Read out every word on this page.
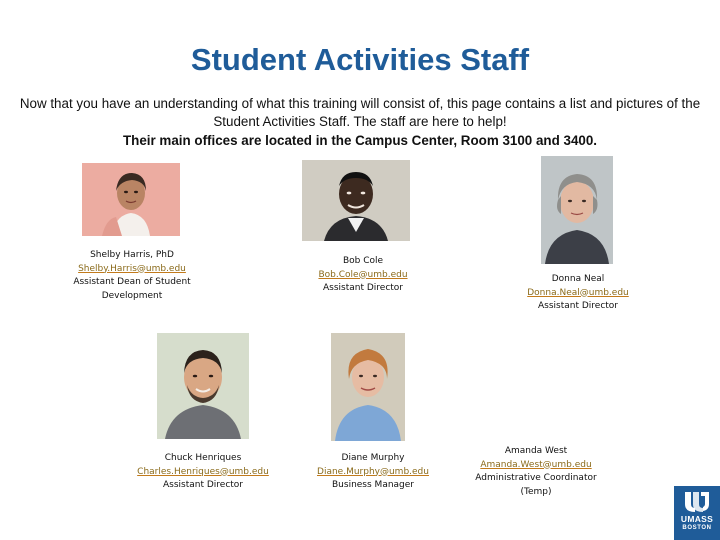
Student Activities Staff
Now that you have an understanding of what this training will consist of, this page contains a list and pictures of the Student Activities Staff. The staff are here to help!
Their main offices are located in the Campus Center, Room 3100 and 3400.
Shelby Harris, PhD
Shelby.Harris@umb.edu
Assistant Dean of Student Development
Bob Cole
Bob.Cole@umb.edu
Assistant Director
Donna Neal
Donna.Neal@umb.edu
Assistant Director
Chuck Henriques
Charles.Henriques@umb.edu
Assistant Director
Diane Murphy
Diane.Murphy@umb.edu
Business Manager
Amanda West
Amanda.West@umb.edu
Administrative Coordinator (Temp)
UMASS
BOSTON
